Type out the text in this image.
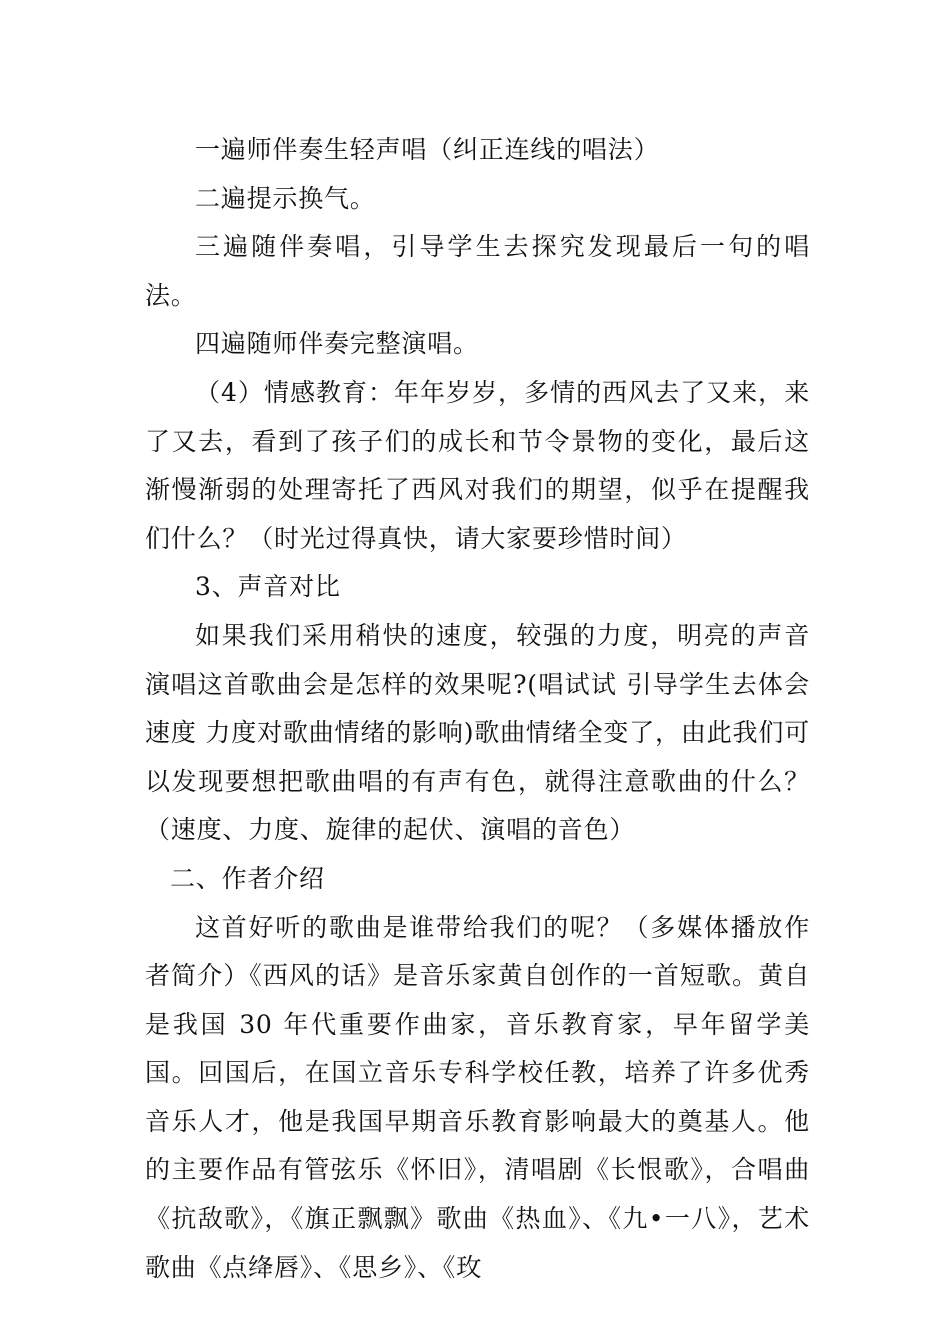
一遍师伴奏生轻声唱（纠正连线的唱法）

二遍提示换气。

三遍随伴奏唱，引导学生去探究发现最后一句的唱法。

四遍随师伴奏完整演唱。

（4）情感教育：年年岁岁，多情的西风去了又来，来了又去，看到了孩子们的成长和节令景物的变化，最后这渐慢渐弱的处理寄托了西风对我们的期望，似乎在提醒我们什么？（时光过得真快，请大家要珍惜时间）

3、声音对比

如果我们采用稍快的速度，较强的力度，明亮的声音演唱这首歌曲会是怎样的效果呢?(唱试试 引导学生去体会速度 力度对歌曲情绪的影响)歌曲情绪全变了，由此我们可以发现要想把歌曲唱的有声有色，就得注意歌曲的什么？（速度、力度、旋律的起伏、演唱的音色）

二、作者介绍

这首好听的歌曲是谁带给我们的呢？（多媒体播放作者简介）《西风的话》是音乐家黄自创作的一首短歌。黄自是我国 30 年代重要作曲家，音乐教育家，早年留学美国。回国后，在国立音乐专科学校任教，培养了许多优秀音乐人才，他是我国早期音乐教育影响最大的奠基人。他的主要作品有管弦乐《怀旧》，清唱剧《长恨歌》，合唱曲《抗敌歌》，《旗正飘飘》歌曲《热血》、《九•一八》，艺术歌曲《点绛唇》、《思乡》、《玫
